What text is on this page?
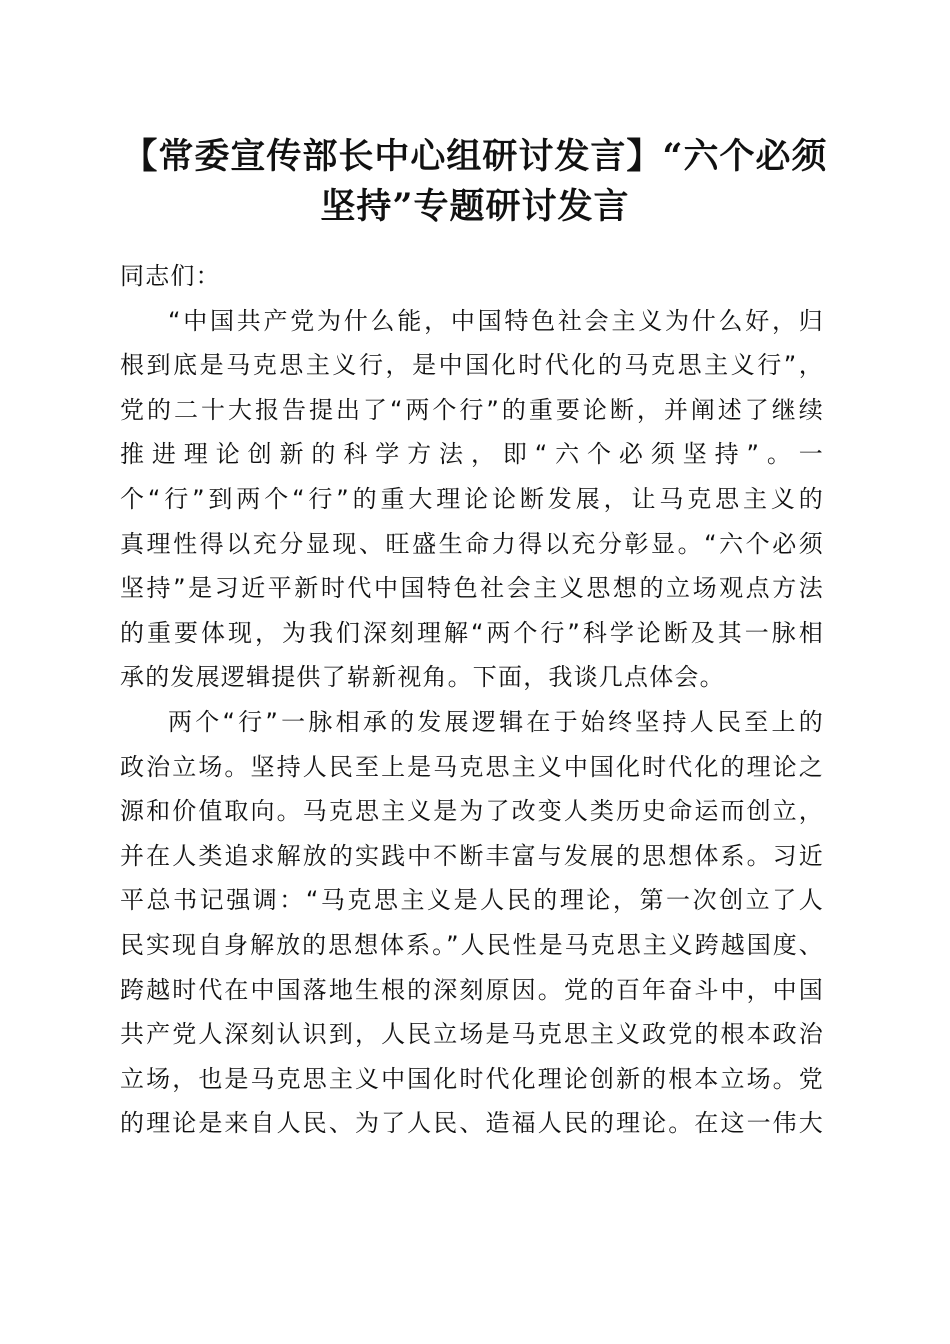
【常委宣传部长中心组研讨发言】“六个必须
坚持”专题研讨发言
同志们：
“中国共产党为什么能，中国特色社会主义为什么好，归
根到底是马克思主义行，是中国化时代化的马克思主义行”，
党的二十大报告提出了“两个行”的重要论断，并阐述了继续
推进理论创新的科学方法，即“六个必须坚持”。一
个“行”到两个“行”的重大理论论断发展，让马克思主义的
真理性得以充分显现、旺盛生命力得以充分彰显。“六个必须
坚持”是习近平新时代中国特色社会主义思想的立场观点方法
的重要体现，为我们深刻理解“两个行”科学论断及其一脉相
承的发展逻辑提供了崭新视角。下面，我谈几点体会。
两个“行”一脉相承的发展逻辑在于始终坚持人民至上的
政治立场。坚持人民至上是马克思主义中国化时代化的理论之
源和价值取向。马克思主义是为了改变人类历史命运而创立，
并在人类追求解放的实践中不断丰富与发展的思想体系。习近
平总书记强调：“马克思主义是人民的理论，第一次创立了人
民实现自身解放的思想体系。”人民性是马克思主义跨越国度、
跨越时代在中国落地生根的深刻原因。党的百年奋斗中，中国
共产党人深刻认识到，人民立场是马克思主义政党的根本政治
立场，也是马克思主义中国化时代化理论创新的根本立场。党
的理论是来自人民、为了人民、造福人民的理论。在这一伟大
